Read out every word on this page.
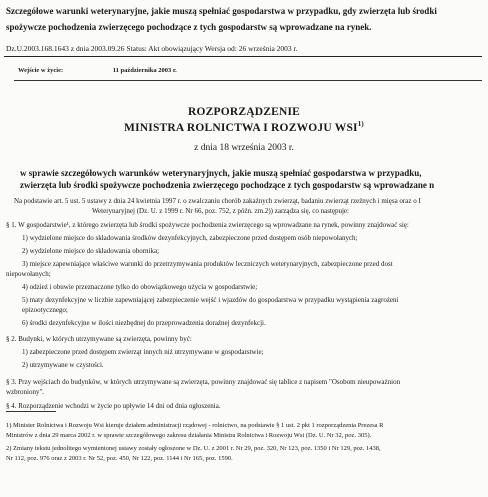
Szczegółowe warunki weterynaryjne, jakie muszą spełniać gospodarstwa w przypadku, gdy zwierzęta lub środki
spożywcze pochodzenia zwierzęcego pochodzące z tych gospodarstw są wprowadzane na rynek.
Dz.U.2003.168.1643 z dnia 2003.09.26 Status: Akt obowiązujący Wersja od: 26 września 2003 r.
Wejście w życie:	11 października 2003 r.
ROZPORZĄDZENIE
MINISTRA ROLNICTWA I ROZWOJU WSI$^{1)}$
z dnia 18 września 2003 r.
w sprawie szczegółowych warunków weterynaryjnych, jakie muszą spełniać gospodarstwa w przypadku,
zwierzęta lub środki spożywcze pochodzenia zwierzęcego pochodzące z tych gospodarstw są wprowadzane n
Na podstawie art. 5 ust. 5 ustawy z dnia 24 kwietnia 1997 r. o zwalczaniu chorób zakaźnych zwierząt, badaniu zwierząt rzeźnych i mięsa oraz o I
Weterynaryjnej (Dz. U. z 1999 r. Nr 66, poz. 752, z późn. zm.2)) zarządza się, co następuje:
§ 1. W gospodarstwie¹, z którego zwierzęta lub środki spożywcze pochodzenia zwierzęcego są wprowadzane na rynek, powinny znajdować się:
1) wydzielone miejsce do składowania środków dezynfekcyjnych, zabezpieczone przed dostępem osób niepowołanych;
2) wydzielone miejsce do składowania obornika;
3) miejsce zapewniające właściwe warunki do przetrzymywania produktów leczniczych weterynaryjnych, zabezpieczone przed dost
niepowołanych;
4) odzież i obuwie przeznaczone tylko do obowiązkowego użycia w gospodarstwie;
5) maty dezynfekcyjne w liczbie zapewniającej zabezpieczenie wejść i wjazdów do gospodarstwa w przypadku wystąpienia zagrożeni
epizootycznego;
6) środki dezynfekcyjne w ilości niezbędnej do przeprowadzenia doraźnej dezynfekcji.
§ 2. Budynki, w których utrzymywane są zwierzęta, powinny być:
1) zabezpieczone przed dostępem zwierząt innych niż utrzymywane w gospodarstwie;
2) utrzymywane w czystości.
§ 3. Przy wejściach do budynków, w których utrzymywane są zwierzęta, powinny znajdować się tablice z napisem "Osobom nieupoważnion
wzbroniony".
§ 4. Rozporządzenie wchodzi w życie po upływie 14 dni od dnia ogłoszenia.
1) Minister Rolnictwa i Rozwoju Wsi kieruje działem administracji rządowej - rolnictwo, na podstawie § 1 ust. 2 pkt 1 rozporządzenia Prezesa R
Ministrów z dnia 29 marca 2002 r. w sprawie szczegółowego zakresu działania Ministra Rolnictwa i Rozwoju Wsi (Dz. U. Nr 32, poz. 305).
2) Zmiany tekstu jednolitego wymienionej ustawy zostały ogłoszone w Dz. U. z 2001 r. Nr 29, poz. 320, Nr 123, poz. 1350 i Nr 129, poz. 1438,
Nr 112, poz. 976 oraz z 2003 r. Nr 52, poz. 450, Nr 122, poz. 1144 i Nr 165, poz. 1590.
